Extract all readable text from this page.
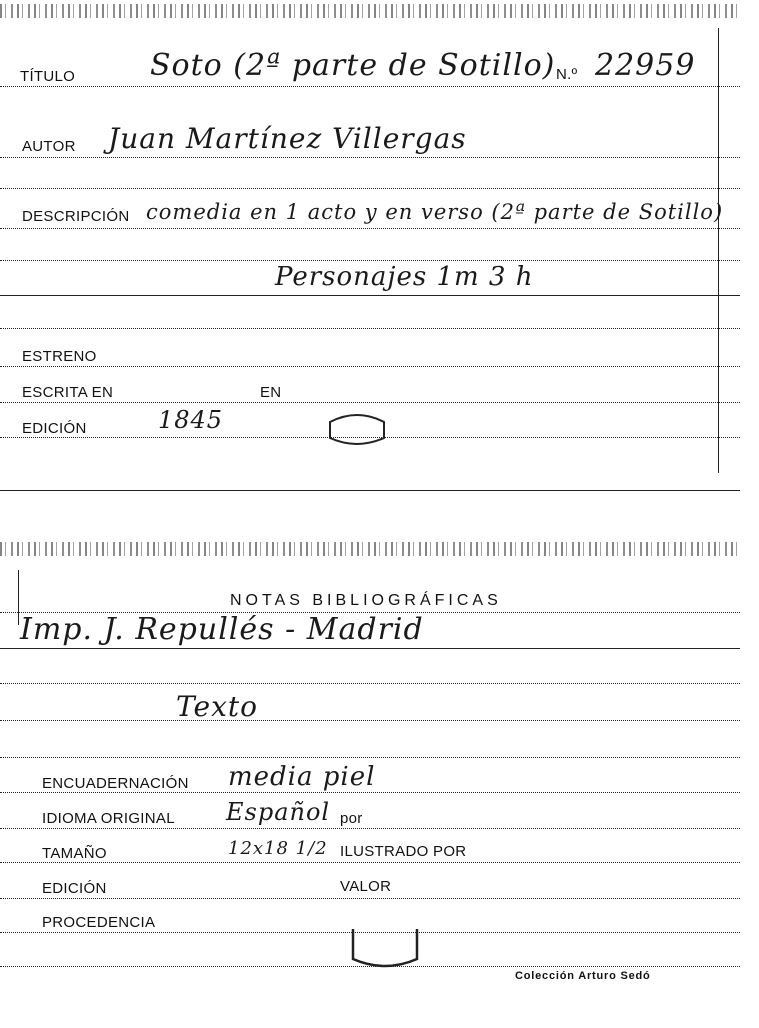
TÍTULO Soto (2ª parte de Sotillo) N.º 22959
AUTOR Juan Martínez Villergas
DESCRIPCIÓN comedia en 1 acto y en verso (2ª parte de Sotillo)
Personajes 1m 3 h
ESTRENO
ESCRITA EN	EN
EDICIÓN	1845
NOTAS BIBLIOGRÁFICAS
Imp. J. Repullés - Madrid
Texto
ENCUADERNACIÓN media piel
IDIOMA ORIGINAL Español por
TAMAÑO	12x18 1/2 ILUSTRADO POR
EDICIÓN	VALOR
PROCEDENCIA
Colección Arturo Sedó
